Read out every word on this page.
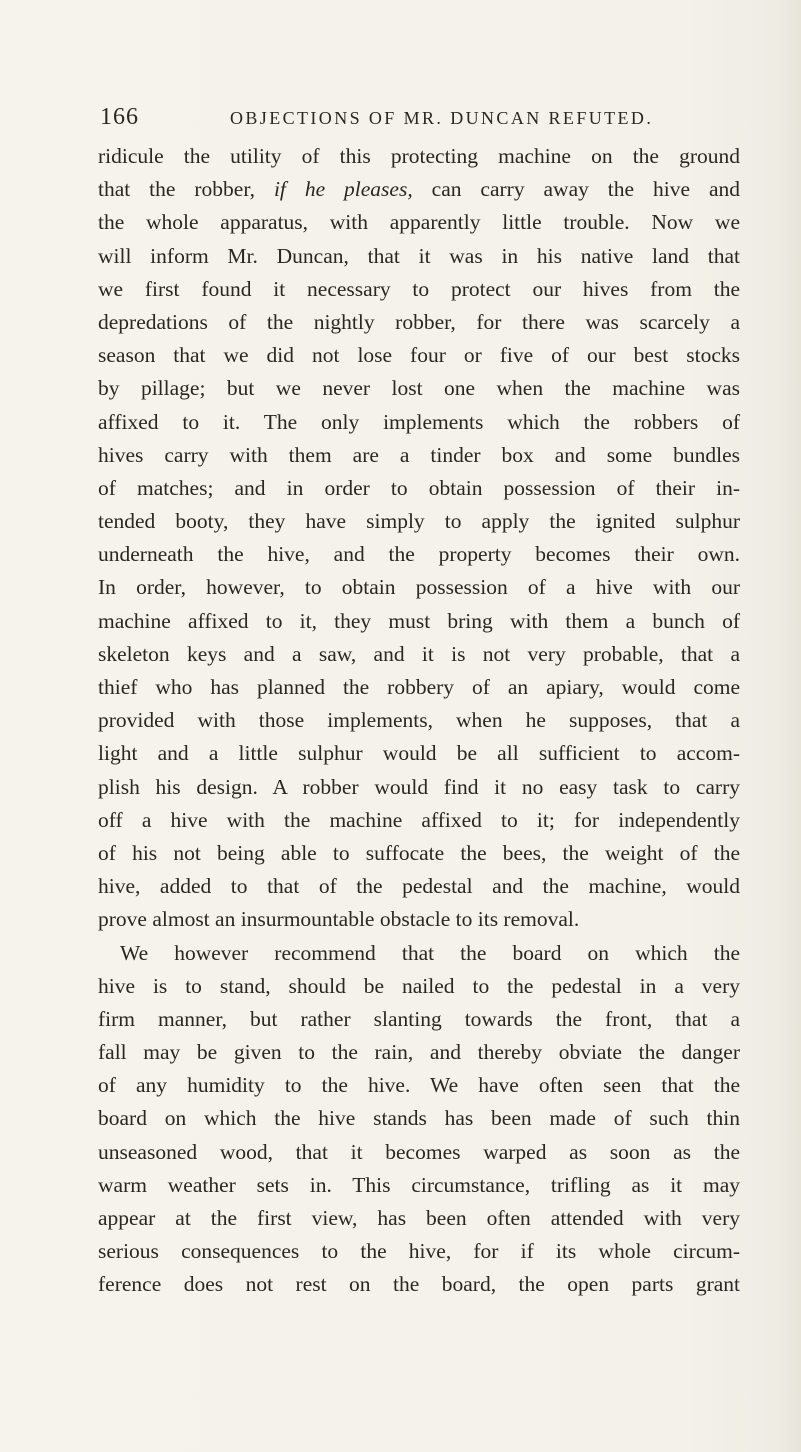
166	OBJECTIONS OF MR. DUNCAN REFUTED.
ridicule the utility of this protecting machine on the ground
that the robber, if he pleases, can carry away the hive and
the whole apparatus, with apparently little trouble. Now we
will inform Mr. Duncan, that it was in his native land that
we first found it necessary to protect our hives from the
depredations of the nightly robber, for there was scarcely a
season that we did not lose four or five of our best stocks
by pillage; but we never lost one when the machine was
affixed to it. The only implements which the robbers of
hives carry with them are a tinder box and some bundles
of matches; and in order to obtain possession of their in-
tended booty, they have simply to apply the ignited sulphur
underneath the hive, and the property becomes their own.
In order, however, to obtain possession of a hive with our
machine affixed to it, they must bring with them a bunch of
skeleton keys and a saw, and it is not very probable, that a
thief who has planned the robbery of an apiary, would come
provided with those implements, when he supposes, that a
light and a little sulphur would be all sufficient to accom-
plish his design. A robber would find it no easy task to carry
off a hive with the machine affixed to it; for independently
of his not being able to suffocate the bees, the weight of the
hive, added to that of the pedestal and the machine, would
prove almost an insurmountable obstacle to its removal.
We however recommend that the board on which the
hive is to stand, should be nailed to the pedestal in a very
firm manner, but rather slanting towards the front, that a
fall may be given to the rain, and thereby obviate the danger
of any humidity to the hive. We have often seen that the
board on which the hive stands has been made of such thin
unseasoned wood, that it becomes warped as soon as the
warm weather sets in. This circumstance, trifling as it may
appear at the first view, has been often attended with very
serious consequences to the hive, for if its whole circum-
ference does not rest on the board, the open parts grant
